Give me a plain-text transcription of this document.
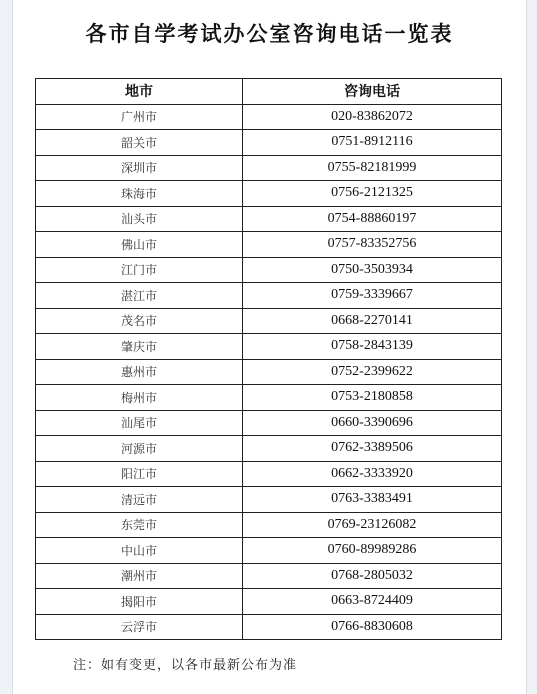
各市自学考试办公室咨询电话一览表
地市	咨询电话
广州市	020-83862072
韶关市	0751-8912116
深圳市	0755-82181999
珠海市	0756-2121325
汕头市	0754-88860197
佛山市	0757-83352756
江门市	0750-3503934
湛江市	0759-3339667
茂名市	0668-2270141
肇庆市	0758-2843139
惠州市	0752-2399622
梅州市	0753-2180858
汕尾市	0660-3390696
河源市	0762-3389506
阳江市	0662-3333920
清远市	0763-3383491
东莞市	0769-23126082
中山市	0760-89989286
潮州市	0768-2805032
揭阳市	0663-8724409
云浮市	0766-8830608
注：如有变更，以各市最新公布为准
